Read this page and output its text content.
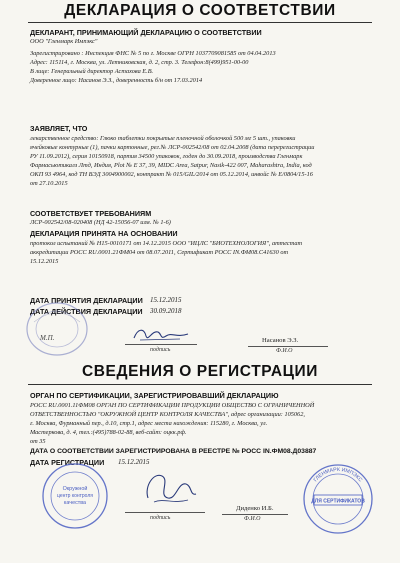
ДЕКЛАРАЦИЯ О СООТВЕТСТВИИ
ДЕКЛАРАНТ, ПРИНИМАЮЩИЙ ДЕКЛАРАЦИЮ О СООТВЕТСТВИИ
ООО "Гленмарк Импэкс"
Зарегистрировано : Инспекция ФНС № 5 по г. Москве ОГРН 1037709081585 от 04.04.2013
Адрес: 115114, г. Москва, ул. Летниковская, д. 2, стр. 3. Телефон:8(499)951-00-00
В лице: Генеральный директор Астахова Е.В.
Доверенное лицо: Насанов Э.З., доверенность б/н от 17.03.2014
ЗАЯВЛЯЕТ, ЧТО
лекарственное средство: Глюко таблетки покрытые пленочной оболочкой 500 мг 5 шт., упаковки
ячейковые контурные (1), пачки картонные, рег.№ ЛСР-002542/08 от 02.04.2008 (дата перерегистрации
РУ 11.09.2012), серия 10150918, партия 34500 упаковок, годен до 30.09.2018, производства Гленмарк
Фармасьютикалз Лтд, Индия, Plot № E 37, 39, MIDC Area, Satpur, Nasik-422 007, Maharashtra, India, код
ОКП 93 4964, код ТН ВЭД 3004900002, контракт № 015/GIL/2014 от 05.12.2014, инвойс № E/0804/15-16
от 27.10.2015
СООТВЕТСТВУЕТ ТРЕБОВАНИЯМ
ЛСР-002542/08-020408 (НД 42-15056-07 изм. № 1-6)
ДЕКЛАРАЦИЯ ПРИНЯТА НА ОСНОВАНИИ
протокол испытаний № Н15-0010171 от 14.12.2015 ООО "ИЦЛС "БИОТЕХНОЛОГИЯ", аттестат
аккредитации РОСС RU.0001.21ФМ04 от 08.07.2011, Сертификат РОСС IN.ФМ08.С41630 от
15.12.2015
ДАТА ПРИНЯТИЯ ДЕКЛАРАЦИИ 15.12.2015
ДАТА ДЕЙСТВИЯ ДЕКЛАРАЦИИ 30.09.2018
М.П.
подпись
Насанов Э.З.
Ф.И.О
СВЕДЕНИЯ О РЕГИСТРАЦИИ
ОРГАН ПО СЕРТИФИКАЦИИ, ЗАРЕГИСТРИРОВАВШИЙ ДЕКЛАРАЦИЮ
РОСС RU.0001.11ФМ08 ОРГАН ПО СЕРТИФИКАЦИИ ПРОДУКЦИИ ОБЩЕСТВО С ОГРАНИЧЕННОЙ
ОТВЕТСТВЕННОСТЬЮ "ОКРУЖНОЙ ЦЕНТР КОНТРОЛЯ КАЧЕСТВА", адрес организации: 105062,
г. Москва, Фурманный пер., д.10, стр.1, адрес места нахождения: 115280, г. Москва, ул.
Мастеркова, д. 4, тел.:(495)788-02-88, веб-сайт: оцкк.рф.
от 35
ДАТА О СООТВЕТСТВИИ ЗАРЕГИСТРИРОВАНА В РЕЕСТРЕ № РОСС IN.ФМ08.Д03887
ДАТА РЕГИСТРАЦИИ 15.12.2015
Окружной
центр контроля
качества
подпись
Диденко И.Б.
Ф.И.О
ГЛЕНМАРК ИМПЭКС
ДЛЯ СЕРТИФИКАТОВ
